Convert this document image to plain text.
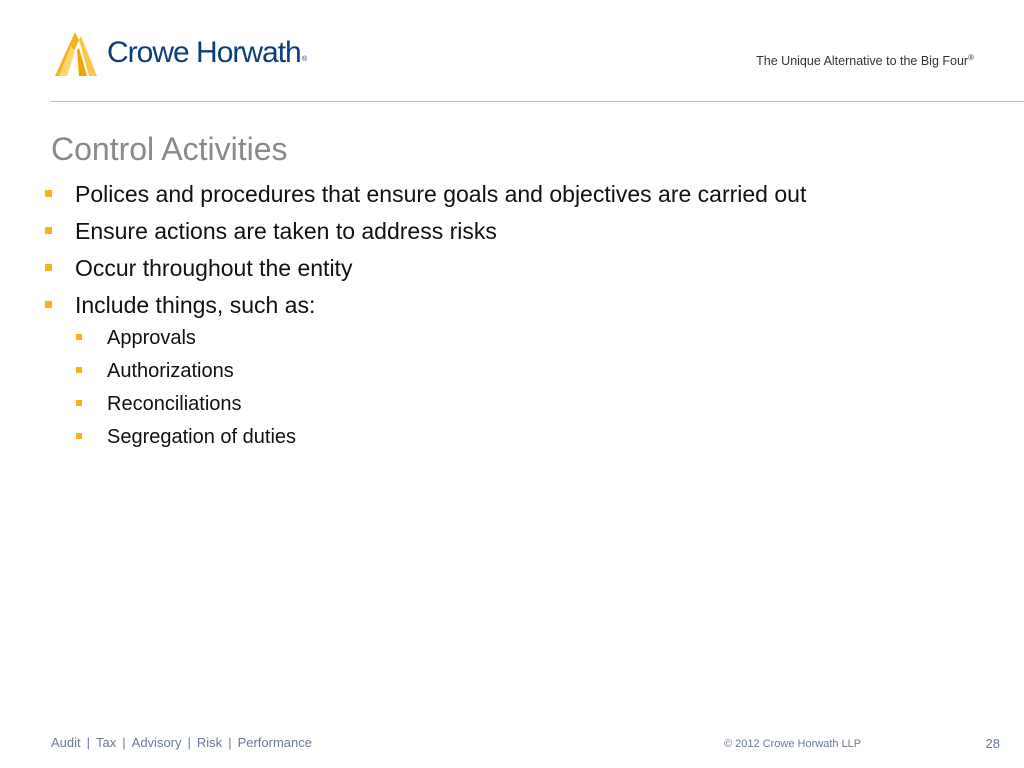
Crowe Horwath ®	The Unique Alternative to the Big Four®
Control Activities
Polices and procedures that ensure goals and objectives are carried out
Ensure actions are taken to address risks
Occur throughout the entity
Include things, such as:
Approvals
Authorizations
Reconciliations
Segregation of duties
Audit | Tax | Advisory | Risk | Performance	© 2012 Crowe Horwath LLP	28
